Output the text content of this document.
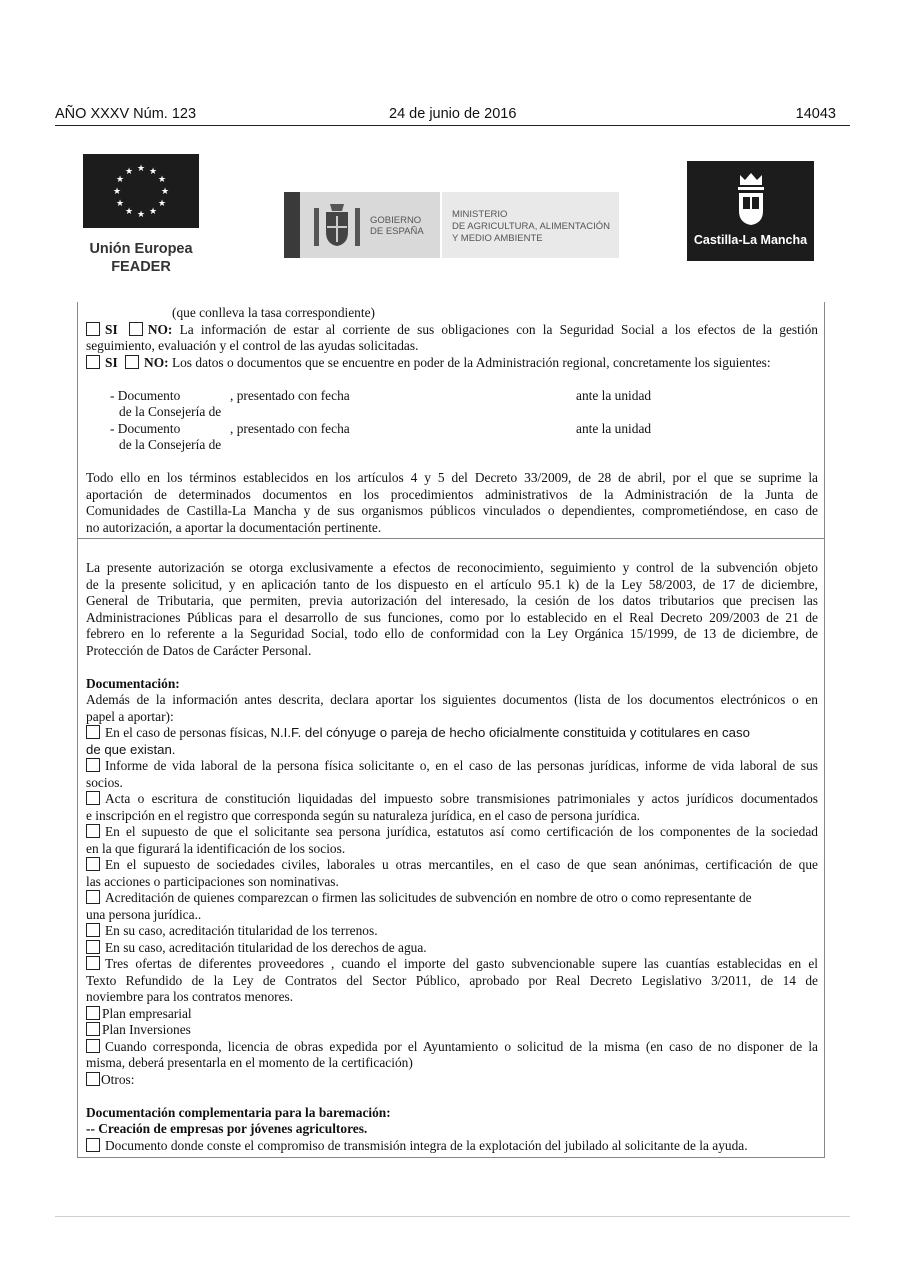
AÑO XXXV Núm. 123	24 de junio de 2016	14043
★ ★
★
★
★
★
★
★
★
★
★
★
Unión Europea
FEADER
GOBIERNO
DE ESPAÑA
MINISTERIO
DE AGRICULTURA, ALIMENTACIÓN
Y MEDIO AMBIENTE	Castilla-La Mancha
(que conlleva la tasa correspondiente)
SI NO: La información de estar al corriente de sus obligaciones con la Seguridad Social a los efectos de la gestión
seguimiento, evaluación y el control de las ayudas solicitadas.
SI NO: Los datos o documentos que se encuentre en poder de la Administración regional, concretamente los siguientes:
- Documento	, presentado con fecha	ante la unidad
de la Consejería de
- Documento	, presentado con fecha	ante la unidad
de la Consejería de
Todo ello en los términos establecidos en los artículos 4 y 5 del Decreto 33/2009, de 28 de abril, por el que se suprime la
aportación de determinados documentos en los procedimientos administrativos de la Administración de la Junta de
Comunidades de Castilla-La Mancha y de sus organismos públicos vinculados o dependientes, comprometiéndose, en caso de
no autorización, a aportar la documentación pertinente.
La presente autorización se otorga exclusivamente a efectos de reconocimiento, seguimiento y control de la subvención objeto
de la presente solicitud, y en aplicación tanto de los dispuesto en el artículo 95.1 k) de la Ley 58/2003, de 17 de diciembre,
General de Tributaria, que permiten, previa autorización del interesado, la cesión de los datos tributarios que precisen las
Administraciones Públicas para el desarrollo de sus funciones, como por lo establecido en el Real Decreto 209/2003 de 21 de
febrero en lo referente a la Seguridad Social, todo ello de conformidad con la Ley Orgánica 15/1999, de 13 de diciembre, de
Protección de Datos de Carácter Personal.
Documentación:
Además de la información antes descrita, declara aportar los siguientes documentos (lista de los documentos electrónicos o en
papel a aportar):
En el caso de personas físicas, N.I.F. del cónyuge o pareja de hecho oficialmente constituida y cotitulares en caso
de que existan.
Informe de vida laboral de la persona física solicitante o, en el caso de las personas jurídicas, informe de vida laboral de sus
socios.
Acta o escritura de constitución liquidadas del impuesto sobre transmisiones patrimoniales y actos jurídicos documentados
e inscripción en el registro que corresponda según su naturaleza jurídica, en el caso de persona jurídica.
En el supuesto de que el solicitante sea persona jurídica, estatutos así como certificación de los componentes de la sociedad
en la que figurará la identificación de los socios.
En el supuesto de sociedades civiles, laborales u otras mercantiles, en el caso de que sean anónimas, certificación de que
las acciones o participaciones son nominativas.
Acreditación de quienes comparezcan o firmen las solicitudes de subvención en nombre de otro o como representante de
una persona jurídica..
En su caso, acreditación titularidad de los terrenos.
En su caso, acreditación titularidad de los derechos de agua.
Tres ofertas de diferentes proveedores , cuando el importe del gasto subvencionable supere las cuantías establecidas en el
Texto Refundido de la Ley de Contratos del Sector Público, aprobado por Real Decreto Legislativo 3/2011, de 14 de
noviembre para los contratos menores.
Plan empresarial
Plan Inversiones
Cuando corresponda, licencia de obras expedida por el Ayuntamiento o solicitud de la misma (en caso de no disponer de la
misma, deberá presentarla en el momento de la certificación)
Otros:
Documentación complementaria para la baremación:
-- Creación de empresas por jóvenes agricultores.
Documento donde conste el compromiso de transmisión integra de la explotación del jubilado al solicitante de la ayuda.
